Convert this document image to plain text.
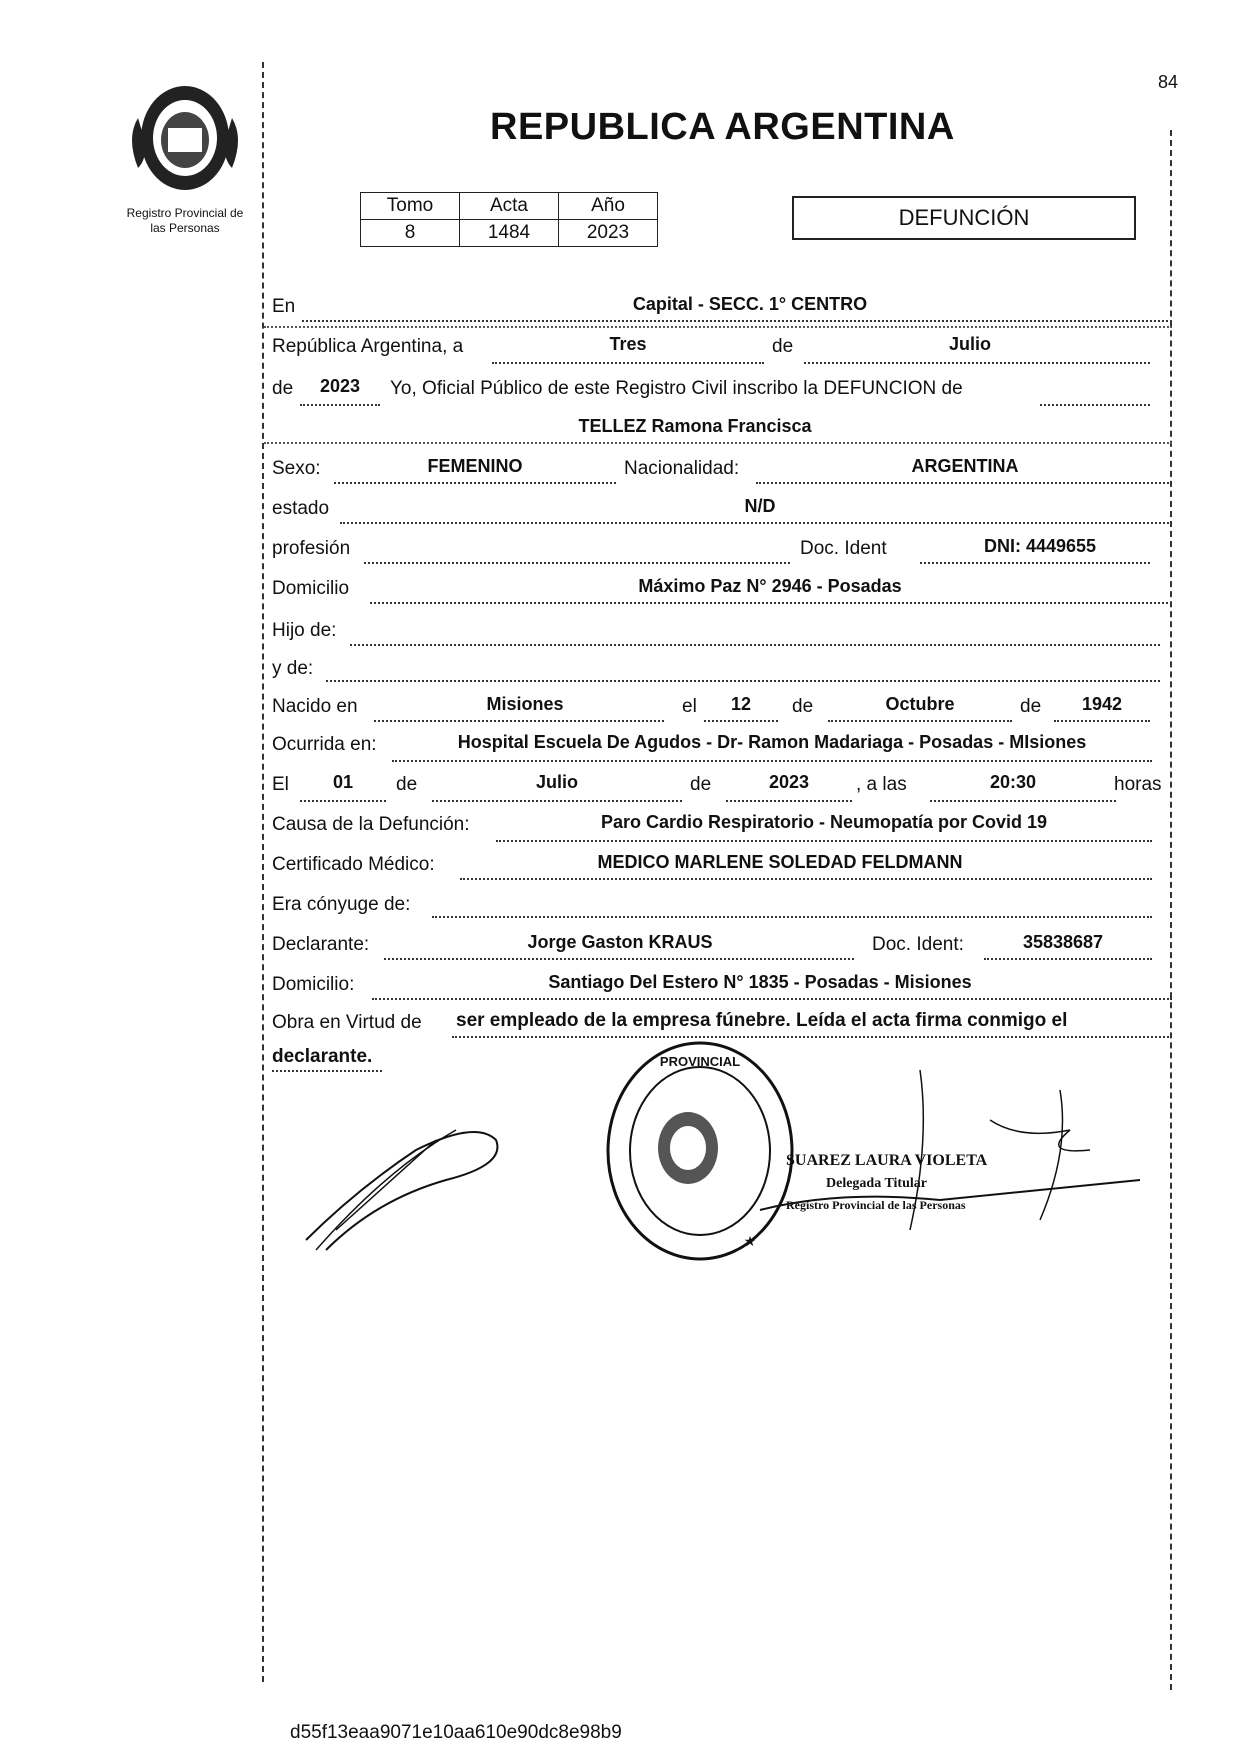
Registro Provincial de
las Personas
84
REPUBLICA ARGENTINA
Tomo	Acta	Año
8	1484	2023
DEFUNCIÓN
En	Capital - SECC. 1° CENTRO
República Argentina, a	Tres	de	Julio
de	2023	Yo, Oficial Público de este Registro Civil inscribo la DEFUNCION de
TELLEZ Ramona Francisca
Sexo:	FEMENINO	Nacionalidad:	ARGENTINA
estado	N/D
profesión	Doc. Ident	DNI: 4449655
Domicilio	Máximo Paz N° 2946 - Posadas
Hijo de:
y de:
Nacido en	Misiones	el	12	de	Octubre	de	1942
Ocurrida en:	Hospital Escuela De Agudos - Dr- Ramon Madariaga - Posadas - MIsiones
El	01	de	Julio	de	2023	, a las	20:30	horas
Causa de la Defunción:	Paro Cardio Respiratorio - Neumopatía por Covid 19
Certificado Médico:	MEDICO MARLENE SOLEDAD FELDMANN
Era cónyuge de:
Declarante:	Jorge Gaston KRAUS	Doc. Ident:	35838687
Domicilio:	Santiago Del Estero N° 1835 - Posadas - Misiones
Obra en Virtud de ser empleado de la empresa fúnebre. Leída el acta firma conmigo el
declarante.	PROVINCIAL
★
SUAREZ LAURA VIOLETA
Delegada Titular
Registro Provincial de las Personas
d55f13eaa9071e10aa610e90dc8e98b9
